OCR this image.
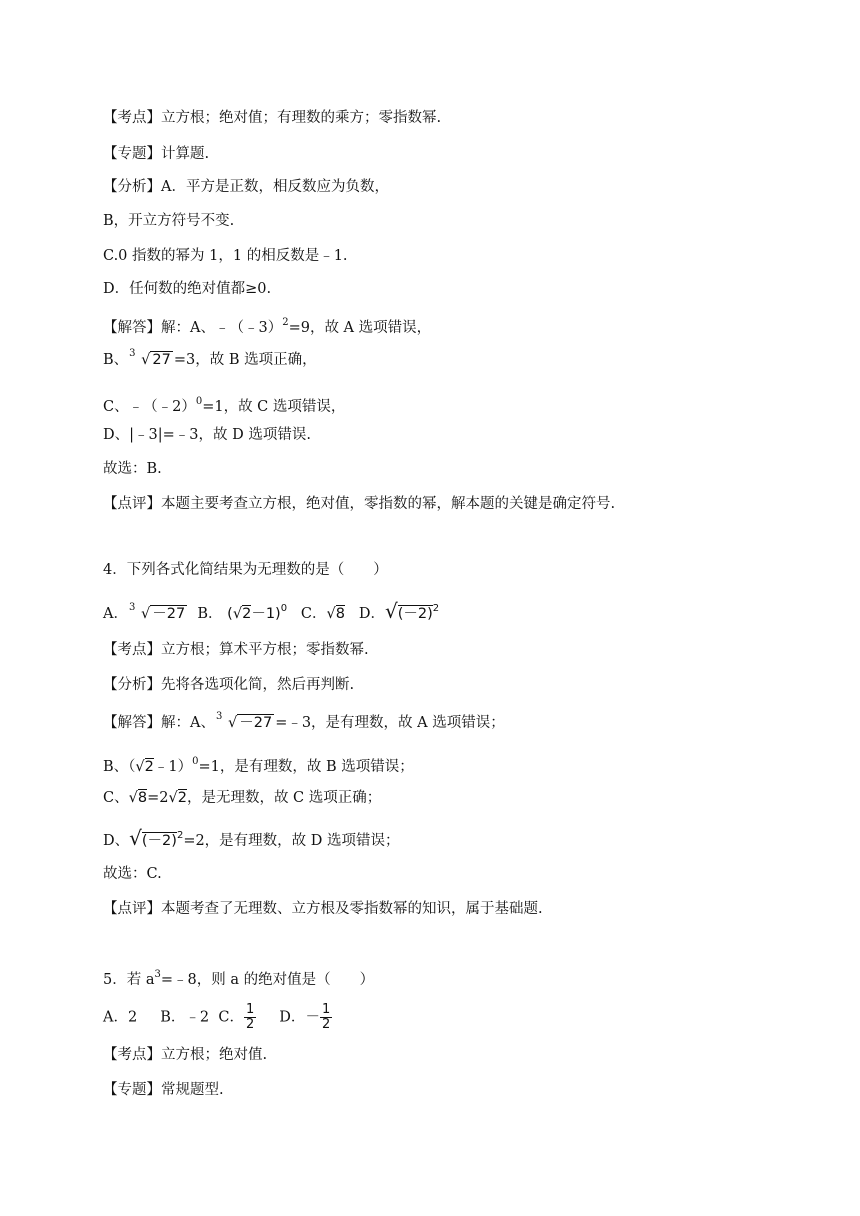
【考点】立方根；绝对值；有理数的乘方；零指数幂.
【专题】计算题.
【分析】A．平方是正数，相反数应为负数，
B，开立方符号不变.
C.0 指数的幂为 1，1 的相反数是﹣1.
D．任何数的绝对值都≥0.
【解答】解：A、﹣（﹣3）$^2$=9，故 A 选项错误，
B、 3 √ 27 =3，故 B 选项正确，
C、﹣（﹣2）$^0$=1，故 C 选项错误，
D、|﹣3|=﹣3，故 D 选项错误.
故选：B.
【点评】本题主要考查立方根，绝对值，零指数的幂，解本题的关键是确定符号.
4．下列各式化简结果为无理数的是（　　）
A． 3 √ －27 B． $(√2-1)^0$ C．√8 D．$√(-2)^2$
【考点】立方根；算术平方根；零指数幂.
【分析】先将各选项化简，然后再判断.
【解答】解：A、 3 √ －27 =﹣3，是有理数，故 A 选项错误；
B、（√2﹣1）$^0$=1，是有理数，故 B 选项错误；
C、√8=2√2，是无理数，故 C 选项正确；
D、$√(-2)^2=2$，是有理数，故 D 选项错误；
故选：C.
【点评】本题考查了无理数、立方根及零指数幂的知识，属于基础题.
5．若 $a^3=﹣8$，则 a 的绝对值是（　　）
A．2 B．﹣2 C． $\frac{1}{2}$ D．－ $\frac{1}{2}$
【考点】立方根；绝对值.
【专题】常规题型.
